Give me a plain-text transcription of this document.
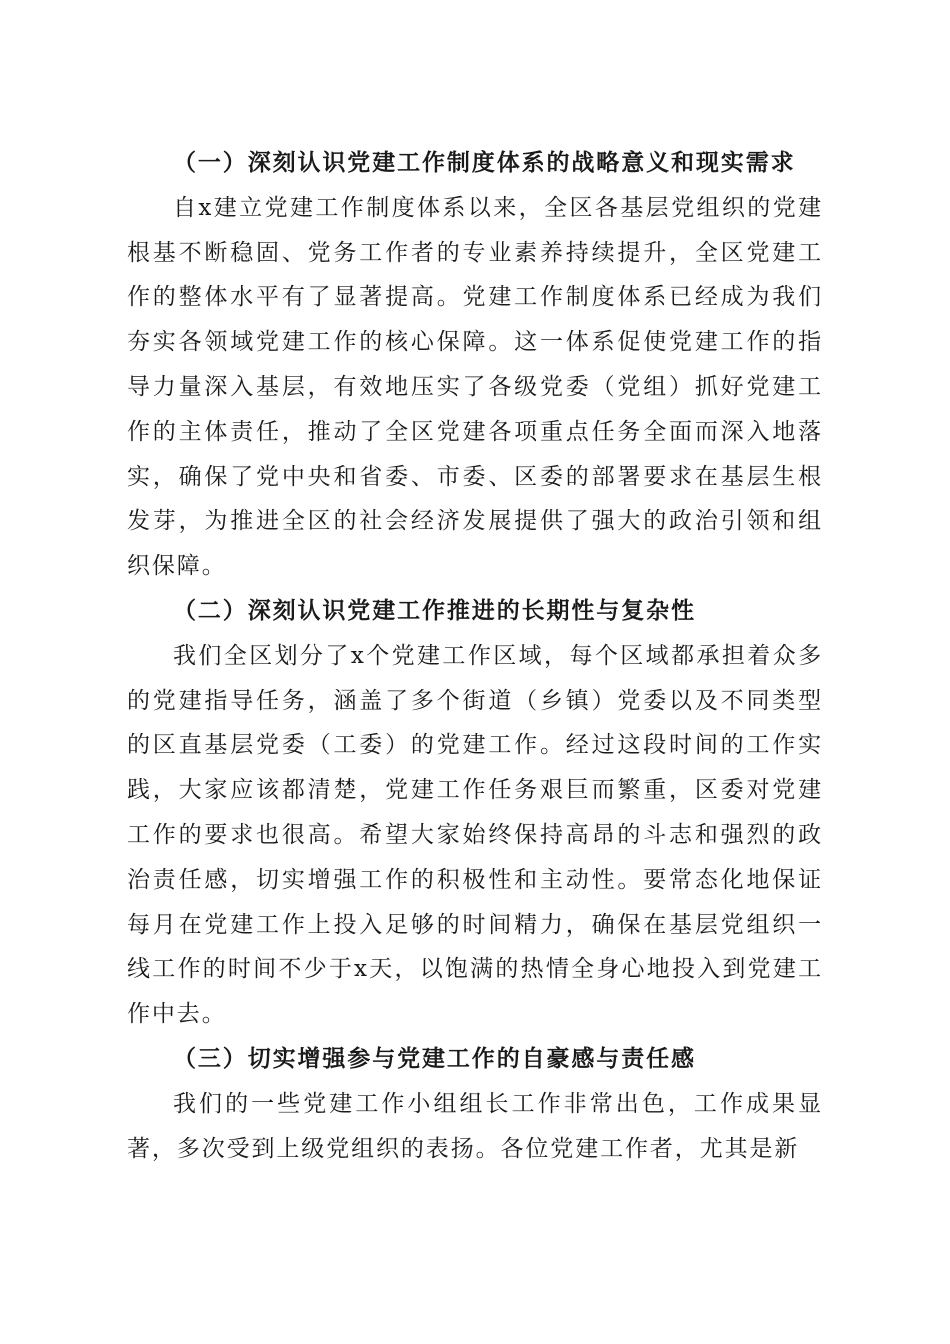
（一）深刻认识党建工作制度体系的战略意义和现实需求

自x建立党建工作制度体系以来，全区各基层党组织的党建根基不断稳固、党务工作者的专业素养持续提升，全区党建工作的整体水平有了显著提高。党建工作制度体系已经成为我们夯实各领域党建工作的核心保障。这一体系促使党建工作的指导力量深入基层，有效地压实了各级党委（党组）抓好党建工作的主体责任，推动了全区党建各项重点任务全面而深入地落实，确保了党中央和省委、市委、区委的部署要求在基层生根发芽，为推进全区的社会经济发展提供了强大的政治引领和组织保障。

（二）深刻认识党建工作推进的长期性与复杂性

我们全区划分了x个党建工作区域，每个区域都承担着众多的党建指导任务，涵盖了多个街道（乡镇）党委以及不同类型的区直基层党委（工委）的党建工作。经过这段时间的工作实践，大家应该都清楚，党建工作任务艰巨而繁重，区委对党建工作的要求也很高。希望大家始终保持高昂的斗志和强烈的政治责任感，切实增强工作的积极性和主动性。要常态化地保证每月在党建工作上投入足够的时间精力，确保在基层党组织一线工作的时间不少于x天，以饱满的热情全身心地投入到党建工作中去。

（三）切实增强参与党建工作的自豪感与责任感

我们的一些党建工作小组组长工作非常出色，工作成果显著，多次受到上级党组织的表扬。各位党建工作者，尤其是新
